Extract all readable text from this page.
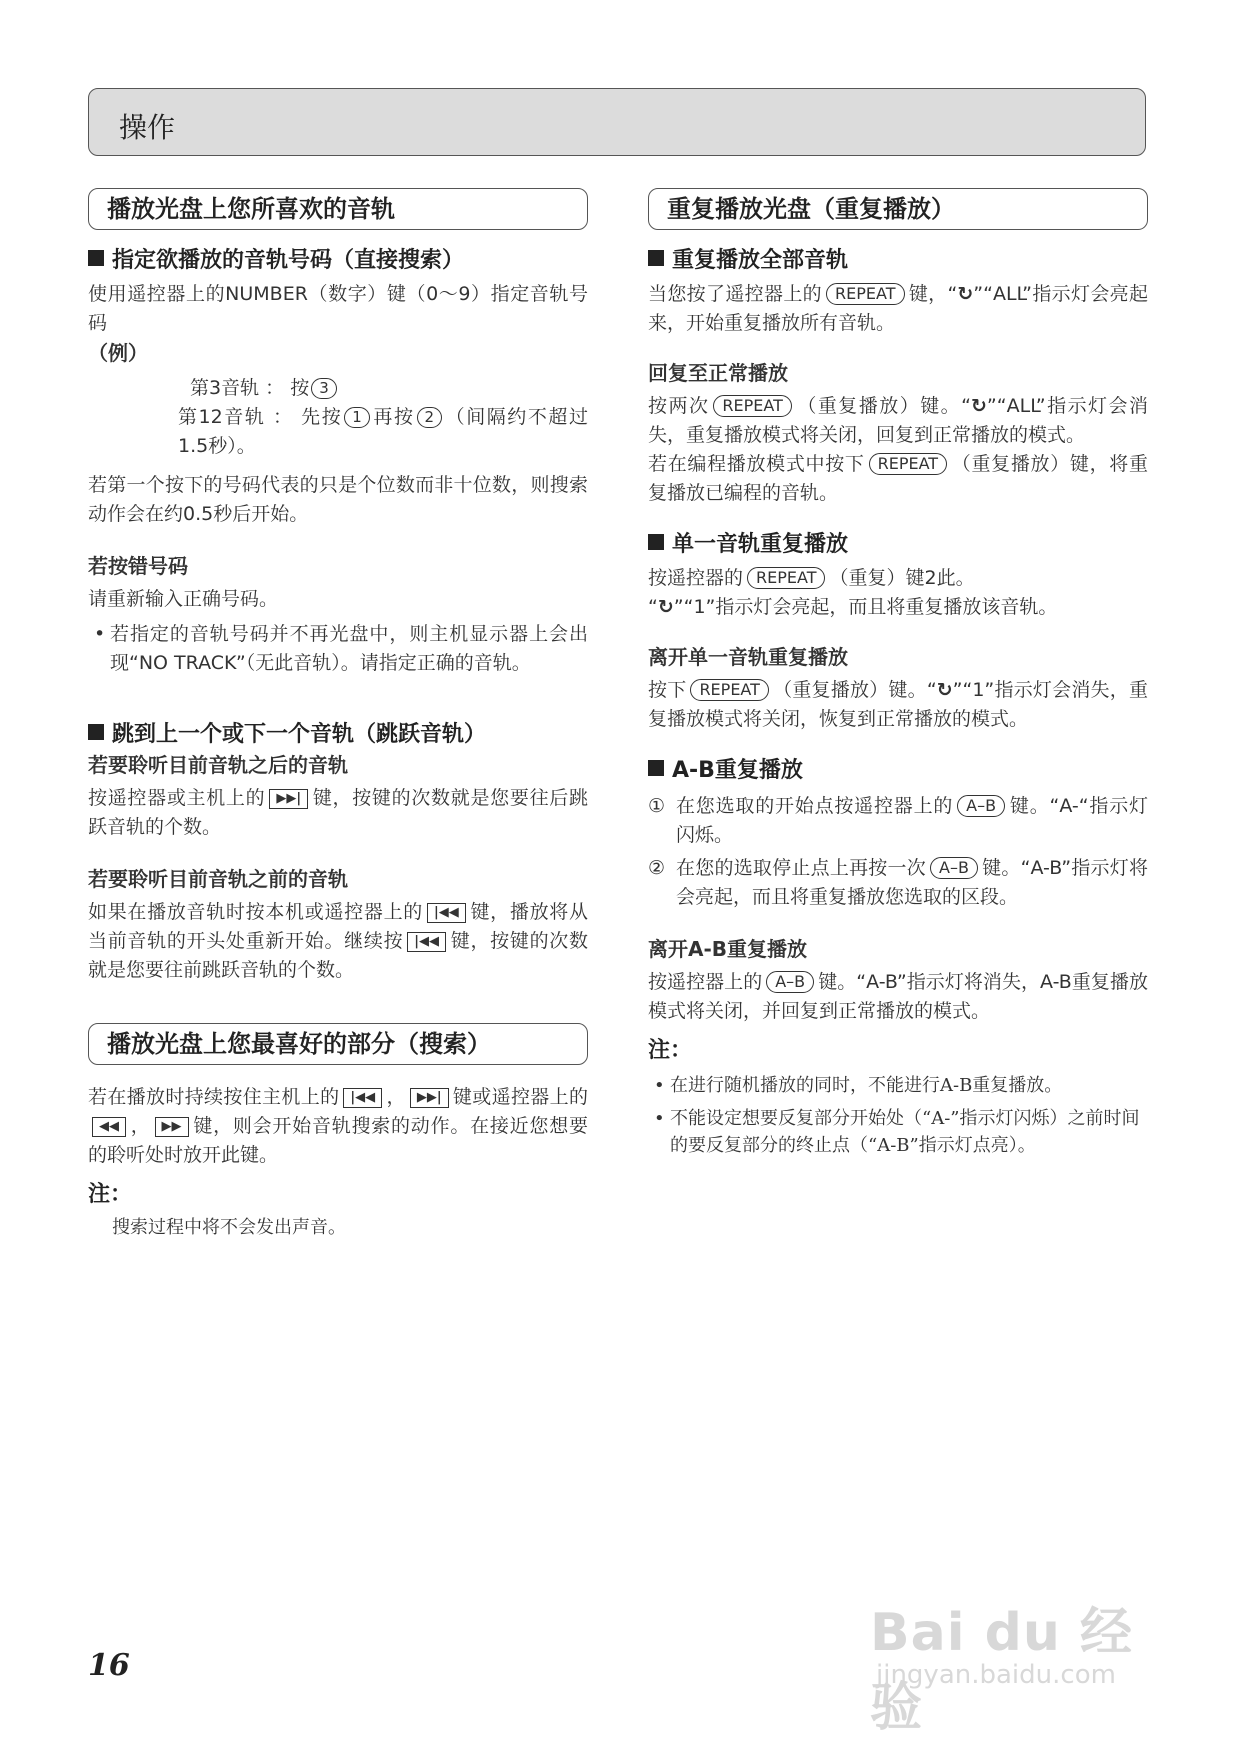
操作
播放光盘上您所喜欢的音轨
指定欲播放的音轨号码（直接搜索）
使用遥控器上的NUMBER（数字）键（0～9）指定音轨号码
（例）
第3音轨 ： 按 3
第12音轨 ： 先按 1 再按 2 （间隔约不超过1.5秒）。
若第一个按下的号码代表的只是个位数而非十位数，则搜索动作会在约0.5秒后开始。
若按错号码
请重新输入正确号码。
• 若指定的音轨号码并不再光盘中，则主机显示器上会出现“NO TRACK”（无此音轨）。请指定正确的音轨。
跳到上一个或下一个音轨（跳跃音轨）
若要聆听目前音轨之后的音轨
按遥控器或主机上的 ▶▶| 键，按键的次数就是您要往后跳跃音轨的个数。
若要聆听目前音轨之前的音轨
如果在播放音轨时按本机或遥控器上的 |◀◀ 键，播放将从当前音轨的开头处重新开始。继续按 |◀◀ 键，按键的次数就是您要往前跳跃音轨的个数。
播放光盘上您最喜好的部分（搜索）
若在播放时持续按住主机上的 |◀◀ ， ▶▶| 键或遥控器上的◀◀ ， ▶▶ 键，则会开始音轨搜索的动作。在接近您想要的聆听处时放开此键。
注：
搜索过程中将不会发出声音。
重复播放光盘（重复播放）
重复播放全部音轨
当您按了遥控器上的 REPEAT 键，“↻”“ALL”指示灯会亮起来，开始重复播放所有音轨。
回复至正常播放
按两次 REPEAT （重复播放）键。“↻”“ALL”指示灯会消失，重复播放模式将关闭，回复到正常播放的模式。
若在编程播放模式中按下 REPEAT （重复播放）键，将重复播放已编程的音轨。
单一音轨重复播放
按遥控器的 REPEAT （重复）键2此。
“↻”“1”指示灯会亮起，而且将重复播放该音轨。
离开单一音轨重复播放
按下 REPEAT （重复播放）键。“↻”“1”指示灯会消失，重复播放模式将关闭，恢复到正常播放的模式。
A-B重复播放
① 在您选取的开始点按遥控器上的 A–B 键。“A-“指示灯闪烁。
② 在您的选取停止点上再按一次 A–B 键。“A-B”指示灯将会亮起，而且将重复播放您选取的区段。
离开A-B重复播放
按遥控器上的 A–B 键。“A-B”指示灯将消失，A-B重复播放模式将关闭，并回复到正常播放的模式。
注：
• 在进行随机播放的同时，不能进行A-B重复播放。
• 不能设定想要反复部分开始处（“A-”指示灯闪烁）之前时间的要反复部分的终止点（“A-B”指示灯点亮）。
16
Bai du 经验
jingyan.baidu.com
